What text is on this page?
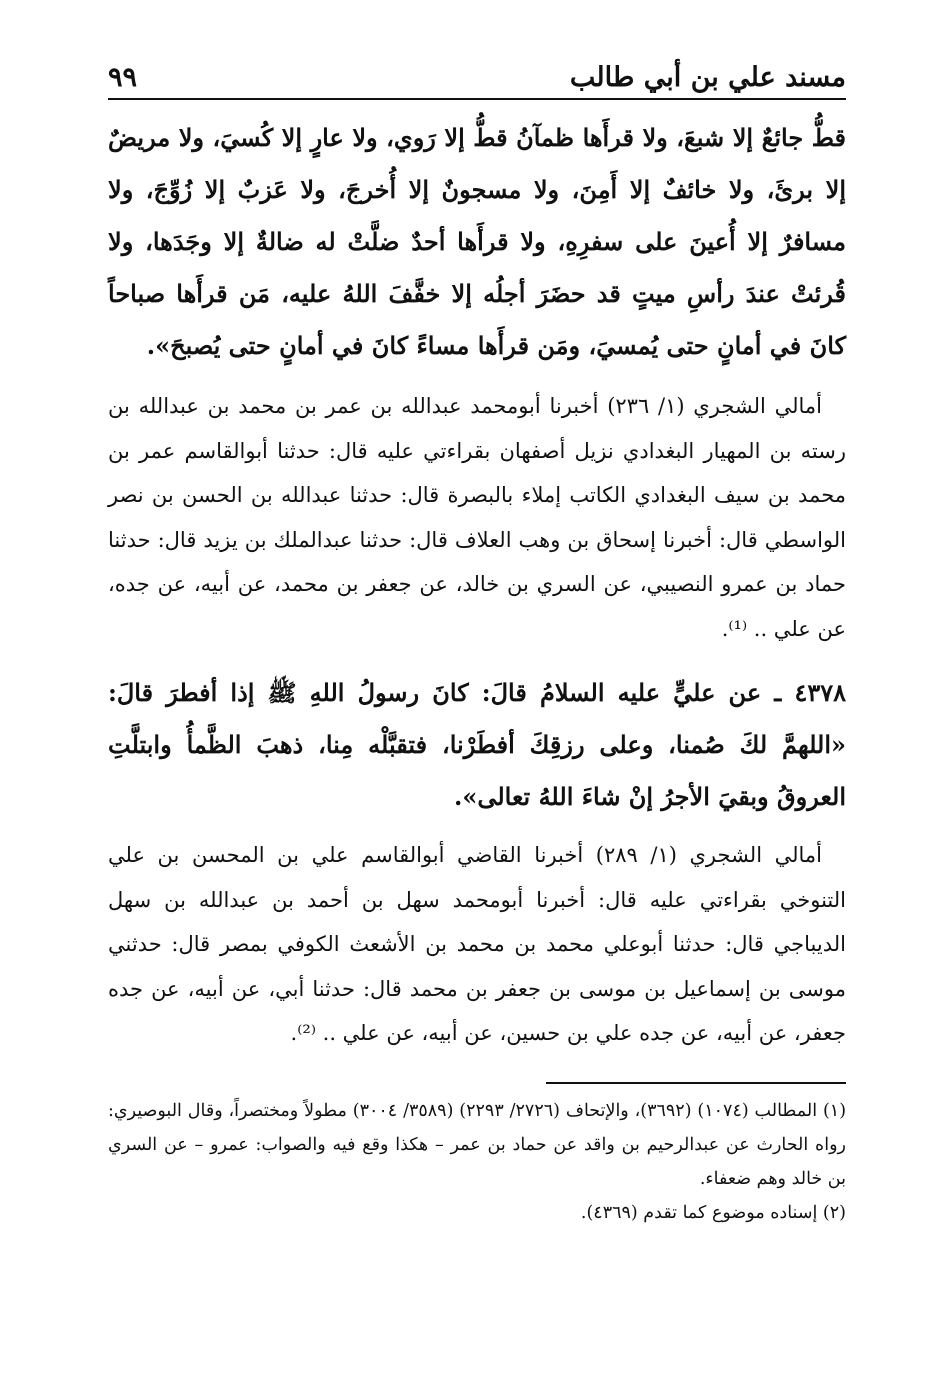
مسند علي بن أبي طالب
٩٩

قطُّ جائعٌ إلا شبعَ، ولا قرأَها ظمآنُ قطُّ إلا رَوي، ولا عارٍ إلا كُسيَ، ولا مريضٌ إلا برئَ، ولا خائفٌ إلا أَمِنَ، ولا مسجونٌ إلا أُخرجَ، ولا عَزبٌ إلا زُوِّجَ، ولا مسافرٌ إلا أُعينَ على سفرِهِ، ولا قرأَها أحدٌ ضلَّتْ له ضالةٌ إلا وجَدَها، ولا قُرئتْ عندَ رأسِ ميتٍ قد حضَرَ أجلُه إلا خفَّفَ اللهُ عليه، مَن قرأَها صباحاً كانَ في أمانٍ حتى يُمسيَ، ومَن قرأَها مساءً كانَ في أمانٍ حتى يُصبحَ».

أمالي الشجري (١/ ٢٣٦) أخبرنا أبومحمد عبدالله بن عمر بن محمد بن عبدالله بن رسته بن المهيار البغدادي نزيل أصفهان بقراءتي عليه قال: حدثنا أبوالقاسم عمر بن محمد بن سيف البغدادي الكاتب إملاء بالبصرة قال: حدثنا عبدالله بن الحسن بن نصر الواسطي قال: أخبرنا إسحاق بن وهب العلاف قال: حدثنا عبدالملك بن يزيد قال: حدثنا حماد بن عمرو النصيبي، عن السري بن خالد، عن جعفر بن محمد، عن أبيه، عن جده، عن علي .. ⁽¹⁾.

٤٣٧٨ ـ عن عليٍّ عليه السلامُ قالَ: كانَ رسولُ اللهِ ﷺ إذا أفطرَ قالَ: «اللهمَّ لكَ صُمنا، وعلى رزقِكَ أفطَرْنا، فتقبَّلْه مِنا، ذهبَ الظَّمأُ وابتلَّتِ العروقُ وبقيَ الأجرُ إنْ شاءَ اللهُ تعالى».

أمالي الشجري (١/ ٢٨٩) أخبرنا القاضي أبوالقاسم علي بن المحسن بن علي التنوخي بقراءتي عليه قال: أخبرنا أبومحمد سهل بن أحمد بن عبدالله بن سهل الديباجي قال: حدثنا أبوعلي محمد بن محمد بن الأشعث الكوفي بمصر قال: حدثني موسى بن إسماعيل بن موسى بن جعفر بن محمد قال: حدثنا أبي، عن أبيه، عن جده جعفر، عن أبيه، عن جده علي بن حسين، عن أبيه، عن علي .. ⁽²⁾.

(١) المطالب (١٠٧٤) (٣٦٩٢)، والإتحاف (٢٧٢٦/ ٢٢٩٣) (٣٥٨٩/ ٣٠٠٤) مطولاً ومختصراً، وقال البوصيري: رواه الحارث عن عبدالرحيم بن واقد عن حماد بن عمر – هكذا وقع فيه والصواب: عمرو – عن السري بن خالد وهم ضعفاء.

(٢) إسناده موضوع كما تقدم (٤٣٦٩).
